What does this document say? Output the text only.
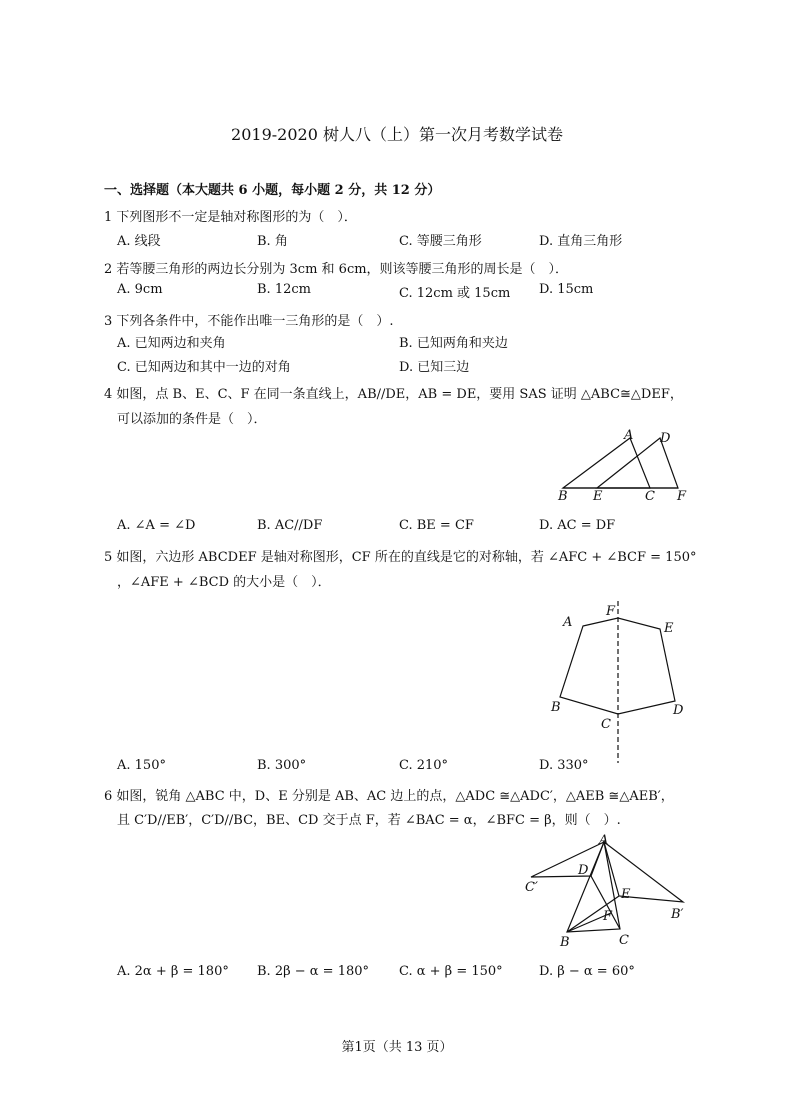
2019-2020 树人八（上）第一次月考数学试卷
一、选择题（本大题共 6 小题，每小题 2 分，共 12 分）
1 下列图形不一定是轴对称图形的为（　）．
A. 线段	B. 角	C. 等腰三角形	D. 直角三角形
2 若等腰三角形的两边长分别为 3cm 和 6cm，则该等腰三角形的周长是（　）．
A. 9cm	B. 12cm	C. 12cm 或 15cm D. 15cm
3 下列各条件中，不能作出唯一三角形的是（　）.
A. 已知两边和夹角	B. 已知两角和夹边
C. 已知两边和其中一边的对角	D. 已知三边
4 如图，点 B、E、C、F 在同一条直线上，AB//DE，AB = DE，要用 SAS 证明 △ABC≅△DEF，
可以添加的条件是（　）．
A D
B E	C F
A. ∠A = ∠D	B. AC//DF	C. BE = CF	D. AC = DF
5 如图，六边形 ABCDEF 是轴对称图形，CF 所在的直线是它的对称轴，若 ∠AFC + ∠BCF = 150°
，∠AFE + ∠BCD 的大小是（　）．
A
F
E
B
C
D
A. 150°	B. 300°	C. 210°	D. 330°
6 如图，锐角 △ABC 中，D、E 分别是 AB、AC 边上的点，△ADC ≅△ADC′，△AEB ≅△AEB′，
且 C′D//EB′，C′D//BC，BE、CD 交于点 F，若 ∠BAC = α，∠BFC = β，则（　）.
A
C′
D
E
B′
F
B	C
A. 2α + β = 180° B. 2β − α = 180° C. α + β = 150°	D. β − α = 60°
第1页（共 13 页）
